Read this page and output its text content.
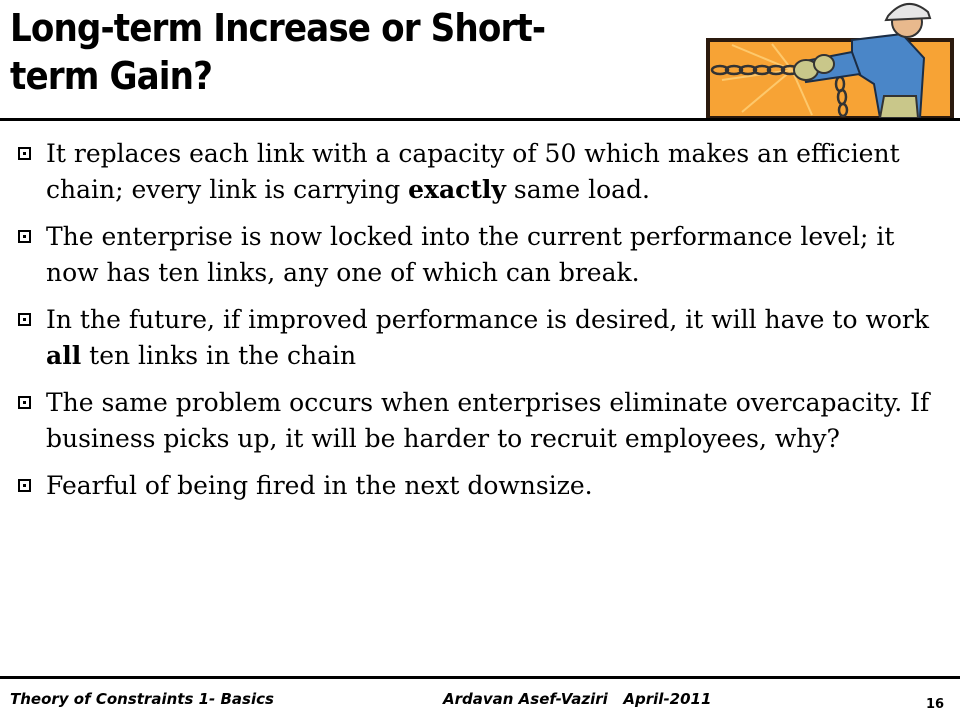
Long-term Increase or Short-term Gain?
It replaces each link with a capacity of 50 which makes an efficient chain; every link is carrying exactly same load.
The enterprise is now locked into the current performance level; it now has ten links, any one of which can break.
In the future, if improved performance is desired, it will have to work all ten links in the chain
The same problem occurs when enterprises eliminate overcapacity. If business picks up, it will be harder to recruit employees, why?
Fearful of being fired in the next downsize.
Theory of Constraints 1- Basics	Ardavan Asef-Vaziri   April-2011	16
